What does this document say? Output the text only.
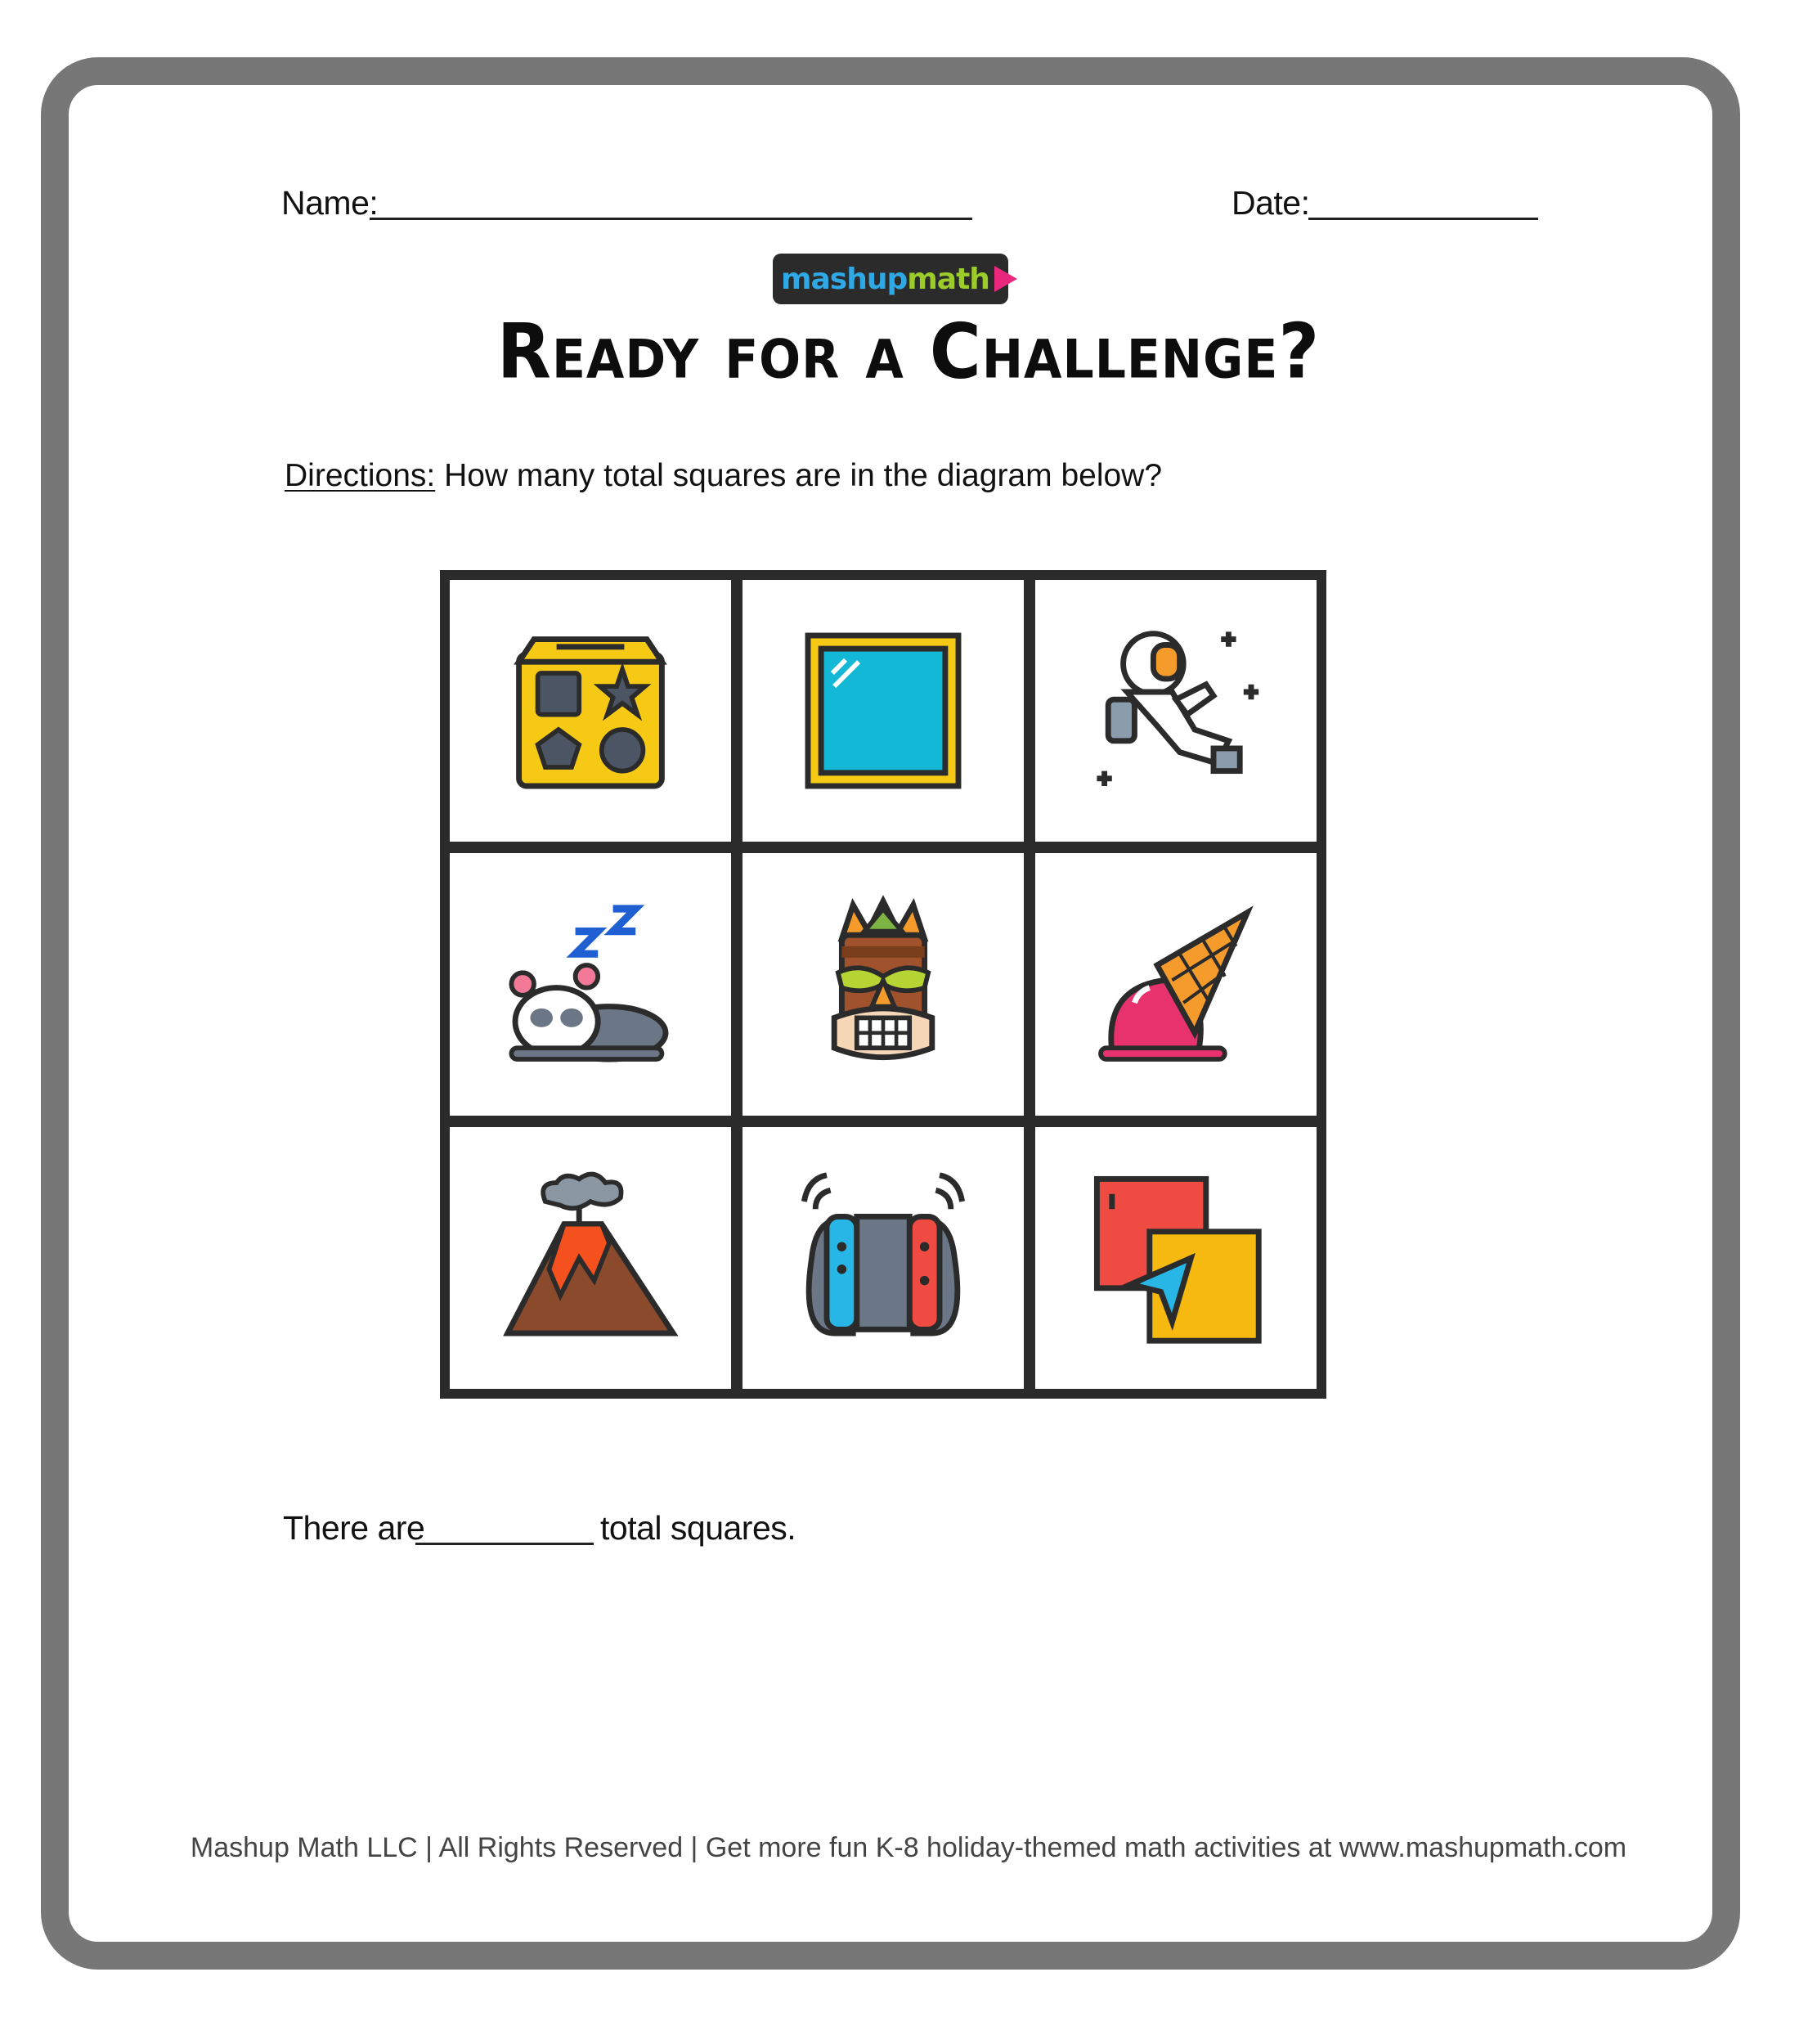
Name:	Date:
mashup math
Ready for a Challenge?
Directions: How many total squares are in the diagram below?
There are	total squares.
Mashup Math LLC | All Rights Reserved | Get more fun K-8 holiday-themed math activities at www.mashupmath.com
